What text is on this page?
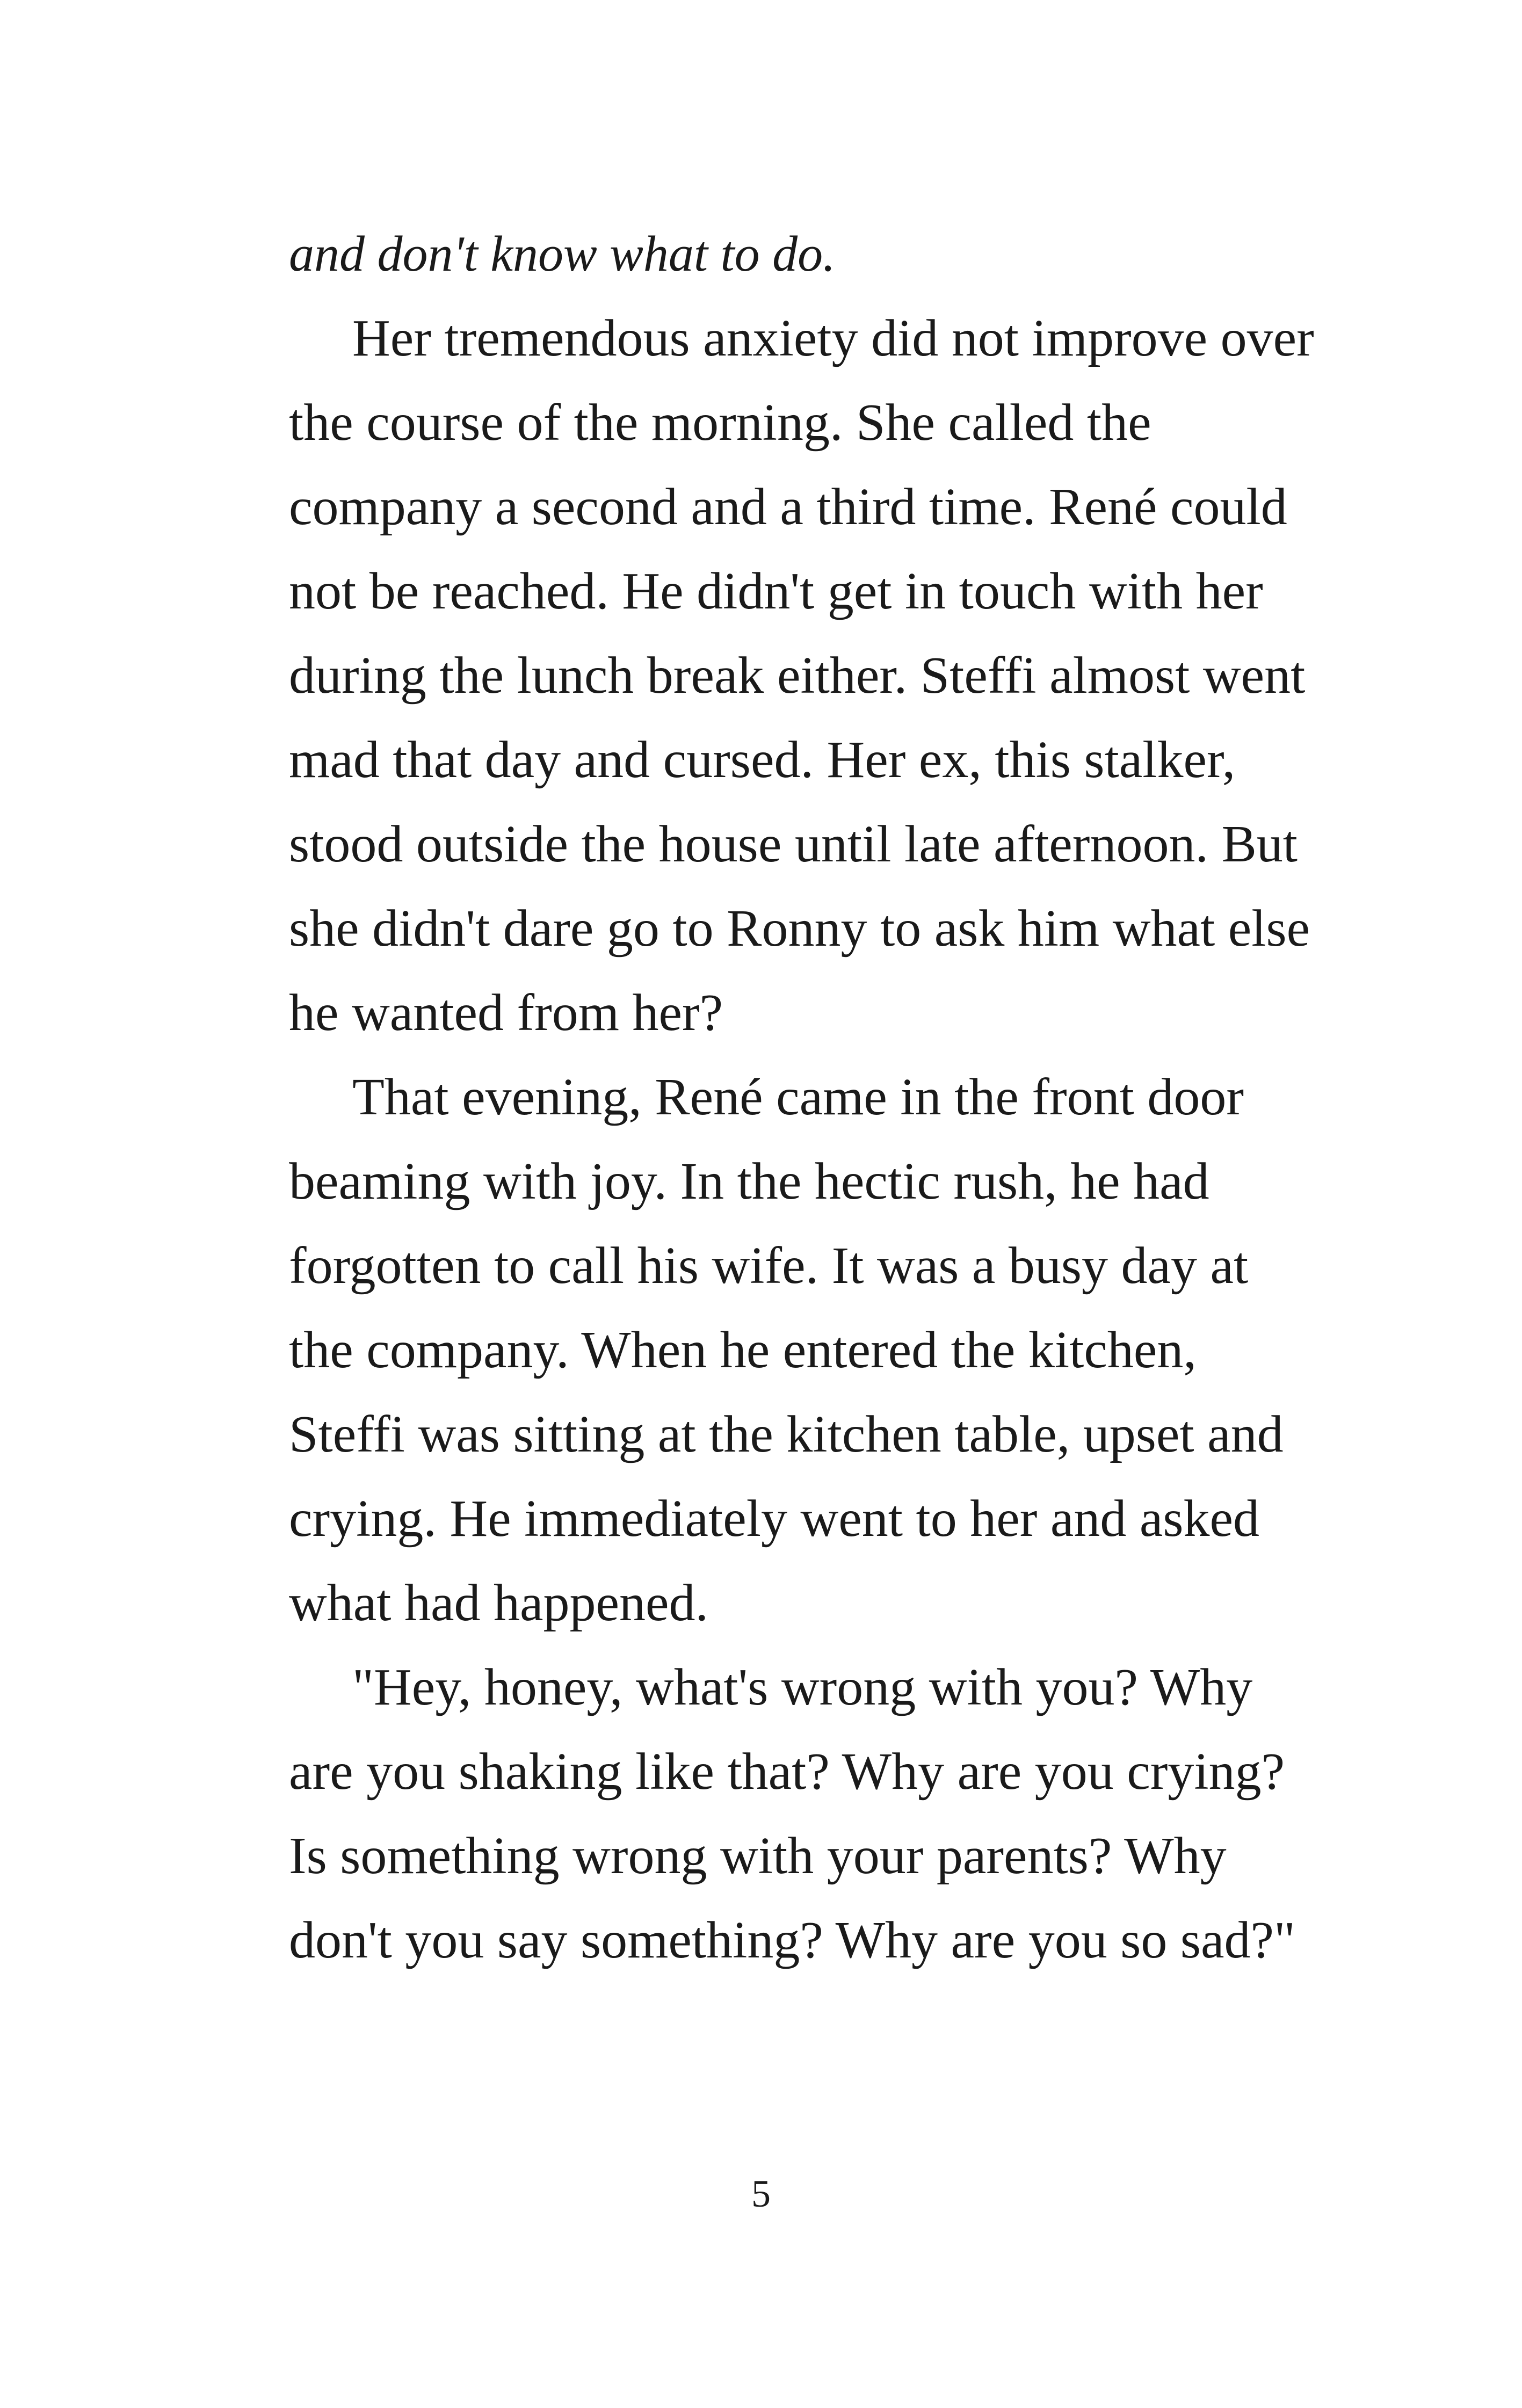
and don't know what to do.

Her tremendous anxiety did not improve over the course of the morning. She called the company a second and a third time. René could not be reached. He didn't get in touch with her during the lunch break either. Steffi almost went mad that day and cursed. Her ex, this stalker, stood outside the house until late afternoon. But she didn't dare go to Ronny to ask him what else he wanted from her?

That evening, René came in the front door beaming with joy. In the hectic rush, he had forgotten to call his wife. It was a busy day at the company. When he entered the kitchen, Steffi was sitting at the kitchen table, upset and crying. He immediately went to her and asked what had happened.

"Hey, honey, what's wrong with you? Why are you shaking like that? Why are you crying? Is something wrong with your parents? Why don't you say something? Why are you so sad?"

5
